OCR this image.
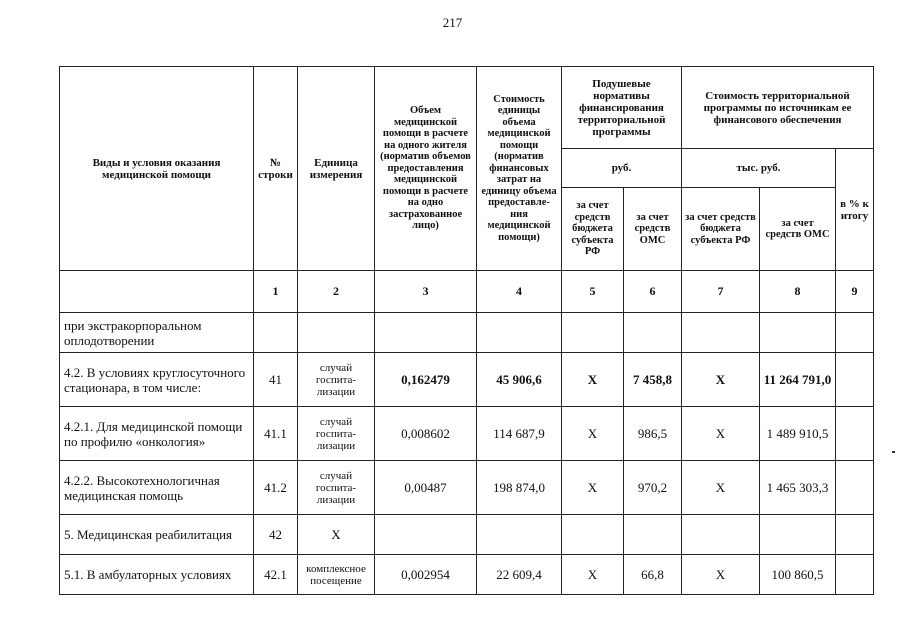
217
Виды и условия оказания медицинской помощи	№ строки	Единица измерения	Объем медицинской помощи в расчете на одного жителя (норматив объемов предоставления медицинской помощи в расчете на одно застрахованное лицо)	Стоимость единицы объема медицинской помощи (норматив финансовых затрат на единицу объема предоставле-ния медицинской помощи)	Подушевые нормативы финансирования территориальной программы		Стоимость территориальной программы по источникам ее финансового обеспечения		
					руб.		тыс. руб.		в % к итогу
					за счет средств бюджета субъекта РФ	за счет средств ОМС	за счет средств бюджета субъекта РФ	за счет средств ОМС	
	1	2	3	4	5	6	7	8	9
при экстракорпоральном оплодотворении									
4.2. В условиях круглосуточного стационара, в том числе:	41	случай госпита-лизации	0,162479	45 906,6	Х	7 458,8	Х	11 264 791,0	
4.2.1. Для медицинской помощи по профилю «онкология»	41.1	случай госпита-лизации	0,008602	114 687,9	Х	986,5	Х	1 489 910,5	
4.2.2. Высокотехнологичная медицинская помощь	41.2	случай госпита-лизации	0,00487	198 874,0	Х	970,2	Х	1 465 303,3	
5. Медицинская реабилитация	42	Х							
5.1. В амбулаторных условиях	42.1	комплексное посещение	0,002954	22 609,4	Х	66,8	Х	100 860,5	
